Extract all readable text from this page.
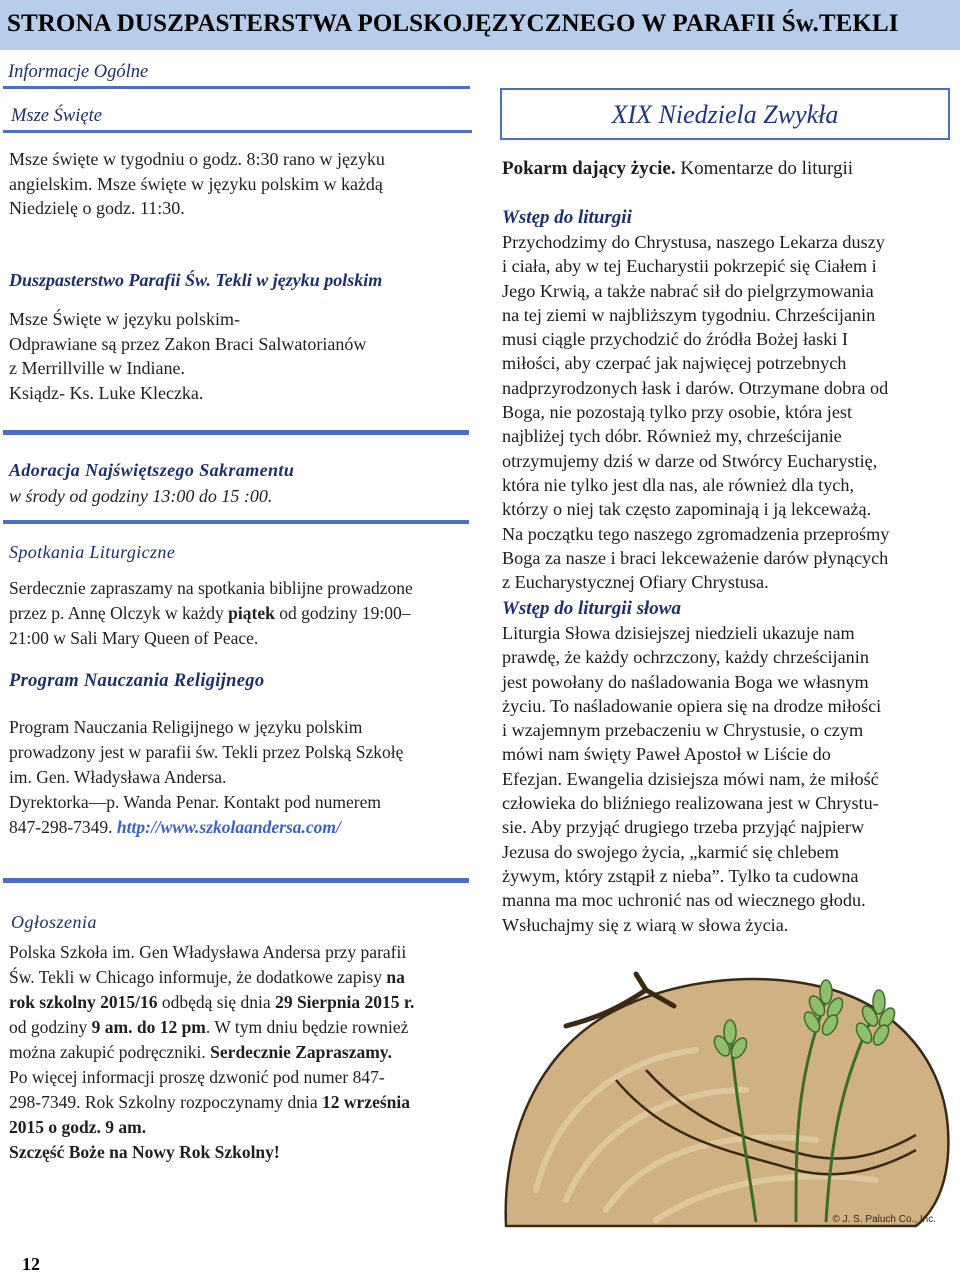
STRONA DUSZPASTERSTWA POLSKOJĘZYCZNEGO W PARAFII Św.TEKLI
Informacje Ogólne
Msze Święte
Msze święte w tygodniu o godz. 8:30 rano w języku
angielskim. Msze święte w języku polskim w każdą
Niedzielę o godz. 11:30.
Duszpasterstwo Parafii Św. Tekli w języku polskim
Msze Święte w języku polskim-
Odprawiane są przez Zakon Braci Salwatorianów
z Merrillville w Indiane.
Ksiądz- Ks. Luke Kleczka.
Adoracja Najświętszego Sakramentu
w środy od godziny 13:00 do 15 :00.
Spotkania Liturgiczne
Serdecznie zapraszamy na spotkania biblijne prowadzone
przez p. Annę Olczyk w każdy piątek od godziny 19:00–
21:00 w Sali Mary Queen of Peace.
Program Nauczania Religijnego
Program Nauczania Religijnego w języku polskim
prowadzony jest w parafii św. Tekli przez Polską Szkołę
im. Gen. Władysława Andersa.
Dyrektorka—p. Wanda Penar. Kontakt pod numerem
847-298-7349. http://www.szkolaandersa.com/
Ogłoszenia
Polska Szkoła im. Gen Władysława Andersa przy parafii
Św. Tekli w Chicago informuje, że dodatkowe zapisy na
rok szkolny 2015/16 odbędą się dnia 29 Sierpnia 2015 r.
od godziny 9 am. do 12 pm. W tym dniu będzie rownież
można zakupić podręczniki. Serdecznie Zapraszamy.
Po więcej informacji proszę dzwonić pod numer 847-
298-7349. Rok Szkolny rozpoczynamy dnia 12 września
2015 o godz. 9 am.
Szczęść Boże na Nowy Rok Szkolny!
12
XIX Niedziela Zwykła
Pokarm dający życie. Komentarze do liturgii
Wstęp do liturgii
Przychodzimy do Chrystusa, naszego Lekarza duszy
i ciała, aby w tej Eucharystii pokrzepić się Ciałem i
Jego Krwią, a także nabrać sił do pielgrzymowania
na tej ziemi w najbliższym tygodniu. Chrześcijanin
musi ciągle przychodzić do źródła Bożej łaski I
miłości, aby czerpać jak najwięcej potrzebnych
nadprzyrodzonych łask i darów. Otrzymane dobra od
Boga, nie pozostają tylko przy osobie, która jest
najbliżej tych dóbr. Również my, chrześcijanie
otrzymujemy dziś w darze od Stwórcy Eucharystię,
która nie tylko jest dla nas, ale również dla tych,
którzy o niej tak często zapominają i ją lekceważą.
Na początku tego naszego zgromadzenia przeprośmy
Boga za nasze i braci lekceważenie darów płynących
z Eucharystycznej Ofiary Chrystusa.
Wstęp do liturgii słowa
Liturgia Słowa dzisiejszej niedzieli ukazuje nam
prawdę, że każdy ochrzczony, każdy chrześcijanin
jest powołany do naśladowania Boga we własnym
życiu. To naśladowanie opiera się na drodze miłości
i wzajemnym przebaczeniu w Chrystusie, o czym
mówi nam święty Paweł Apostoł w Liście do
Efezjan. Ewangelia dzisiejsza mówi nam, że miłość
człowieka do bliźniego realizowana jest w Chrystu-
sie. Aby przyjąć drugiego trzeba przyjąć najpierw
Jezusa do swojego życia, „karmić się chlebem
żywym, który zstąpił z nieba”. Tylko ta cudowna
manna ma moc uchronić nas od wiecznego głodu.
Wsłuchajmy się z wiarą w słowa życia.
© J. S. Paluch Co., Inc.
